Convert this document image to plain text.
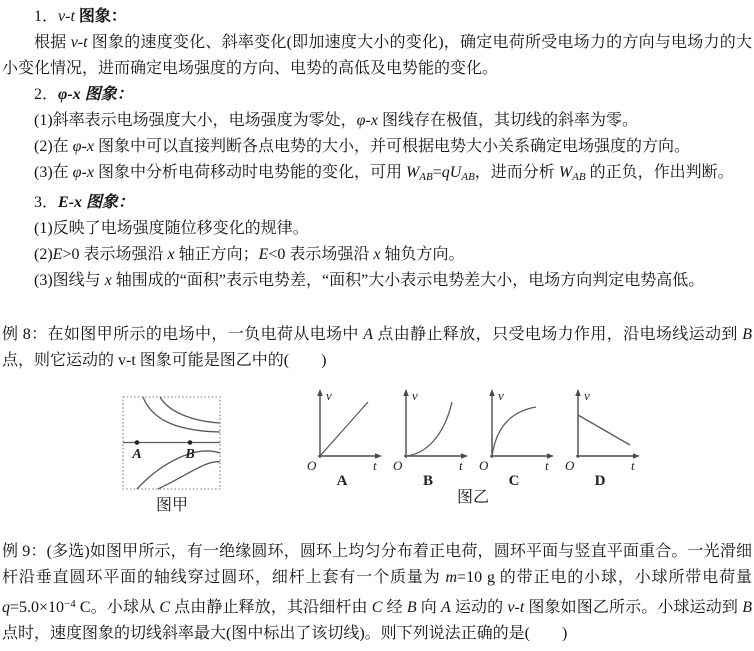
1．v-t 图象：
根据 v-t 图象的速度变化、斜率变化(即加速度大小的变化)，确定电荷所受电场力的方向与电场力的大小变化情况，进而确定电场强度的方向、电势的高低及电势能的变化。
2．φ-x 图象：
(1)斜率表示电场强度大小，电场强度为零处，φ-x 图线存在极值，其切线的斜率为零。
(2)在 φ-x 图象中可以直接判断各点电势的大小，并可根据电势大小关系确定电场强度的方向。
(3)在 φ-x 图象中分析电荷移动时电势能的变化，可用 WAB=qUAB，进而分析 WAB 的正负，作出判断。
3．E-x 图象：
(1)反映了电场强度随位移变化的规律。
(2)E>0 表示场强沿 x 轴正方向；E<0 表示场强沿 x 轴负方向。
(3)图线与 x 轴围成的“面积”表示电势差，“面积”大小表示电势差大小，电场方向判定电势高低。
例 8：在如图甲所示的电场中，一负电荷从电场中 A 点由静止释放，只受电场力作用，沿电场线运动到 B 点，则它运动的 v-t 图象可能是图乙中的(　　)
A	B
图甲
v
t
O
A
v
t
O
B
v
t
O
C
v
t
O
D
图乙
例 9：(多选)如图甲所示，有一绝缘圆环，圆环上均匀分布着正电荷，圆环平面与竖直平面重合。一光滑细杆沿垂直圆环平面的轴线穿过圆环，细杆上套有一个质量为 m=10 g 的带正电的小球，小球所带电荷量 $q=5.0\times 10^{-4}$ C。小球从 C 点由静止释放，其沿细杆由 C 经 B 向 A 运动的 v-t 图象如图乙所示。小球运动到 B 点时，速度图象的切线斜率最大(图中标出了该切线)。则下列说法正确的是(　　)
